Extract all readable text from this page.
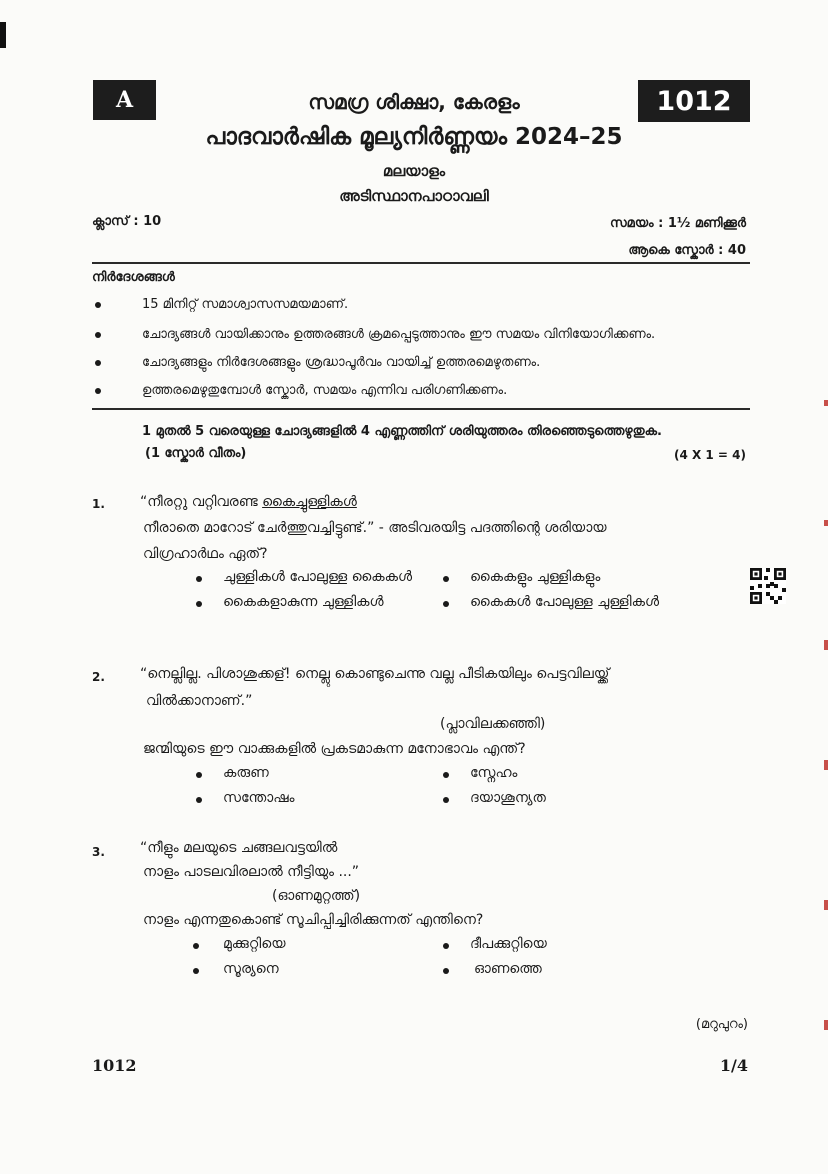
A	1012
സമഗ്ര ശിക്ഷാ, കേരളം
പാദവാർഷിക മൂല്യനിർണ്ണയം 2024–25
മലയാളം
അടിസ്ഥാനപാഠാവലി
ക്ലാസ് : 10	സമയം : 1½ മണിക്കൂർ
ആകെ സ്കോർ : 40
നിർദേശങ്ങൾ
15 മിനിറ്റ് സമാശ്വാസസമയമാണ്.
ചോദ്യങ്ങൾ വായിക്കാനും ഉത്തരങ്ങൾ ക്രമപ്പെടുത്താനും ഈ സമയം വിനിയോഗിക്കണം.
ചോദ്യങ്ങളും നിർദേശങ്ങളും ശ്രദ്ധാപൂർവം വായിച്ച് ഉത്തരമെഴുതണം.
ഉത്തരമെഴുതുമ്പോൾ സ്കോർ, സമയം എന്നിവ പരിഗണിക്കണം.
1 മുതൽ 5 വരെയുള്ള ചോദ്യങ്ങളിൽ 4 എണ്ണത്തിന് ശരിയുത്തരം തിരഞ്ഞെടുത്തെഴുതുക.
(1 സ്കോർ വീതം)	(4 X 1 = 4)
1.	“നീരറ്റു വറ്റിവരണ്ട കൈച്ചുള്ളികൾ
നീരാതെ മാറോട് ചേർത്തുവച്ചിട്ടുണ്ട്.” - അടിവരയിട്ട പദത്തിന്റെ ശരിയായ
വിഗ്രഹാർഥം ഏത്?
ചുള്ളികൾ പോലുള്ള കൈകൾ	കൈകളും ചുള്ളികളും
കൈകളാകുന്ന ചുള്ളികൾ	കൈകൾ പോലുള്ള ചുള്ളികൾ
2.	“നെല്ലില്ല. പിശാശുക്കള്! നെല്ലു കൊണ്ടുചെന്നു വല്ല പീടികയിലും പെട്ടവിലയ്ക്ക്
വിൽക്കാനാണ്.”
(പ്ലാവിലക്കഞ്ഞി)
ജന്മിയുടെ ഈ വാക്കുകളിൽ പ്രകടമാകുന്ന മനോഭാവം എന്ത്?
കരുണ	സ്നേഹം
സന്തോഷം	ദയാശൂന്യത
3.	“നീളും മലയുടെ ചങ്ങലവട്ടയിൽ
നാളം പാടലവിരലാൽ നീട്ടിയും ...”
(ഓണമുറ്റത്ത്)
നാളം എന്നതുകൊണ്ട് സൂചിപ്പിച്ചിരിക്കുന്നത് എന്തിനെ?
മുക്കുറ്റിയെ	ദീപക്കുറ്റിയെ
സൂര്യനെ	ഓണത്തെ
(മറുപുറം)
1012	1/4
